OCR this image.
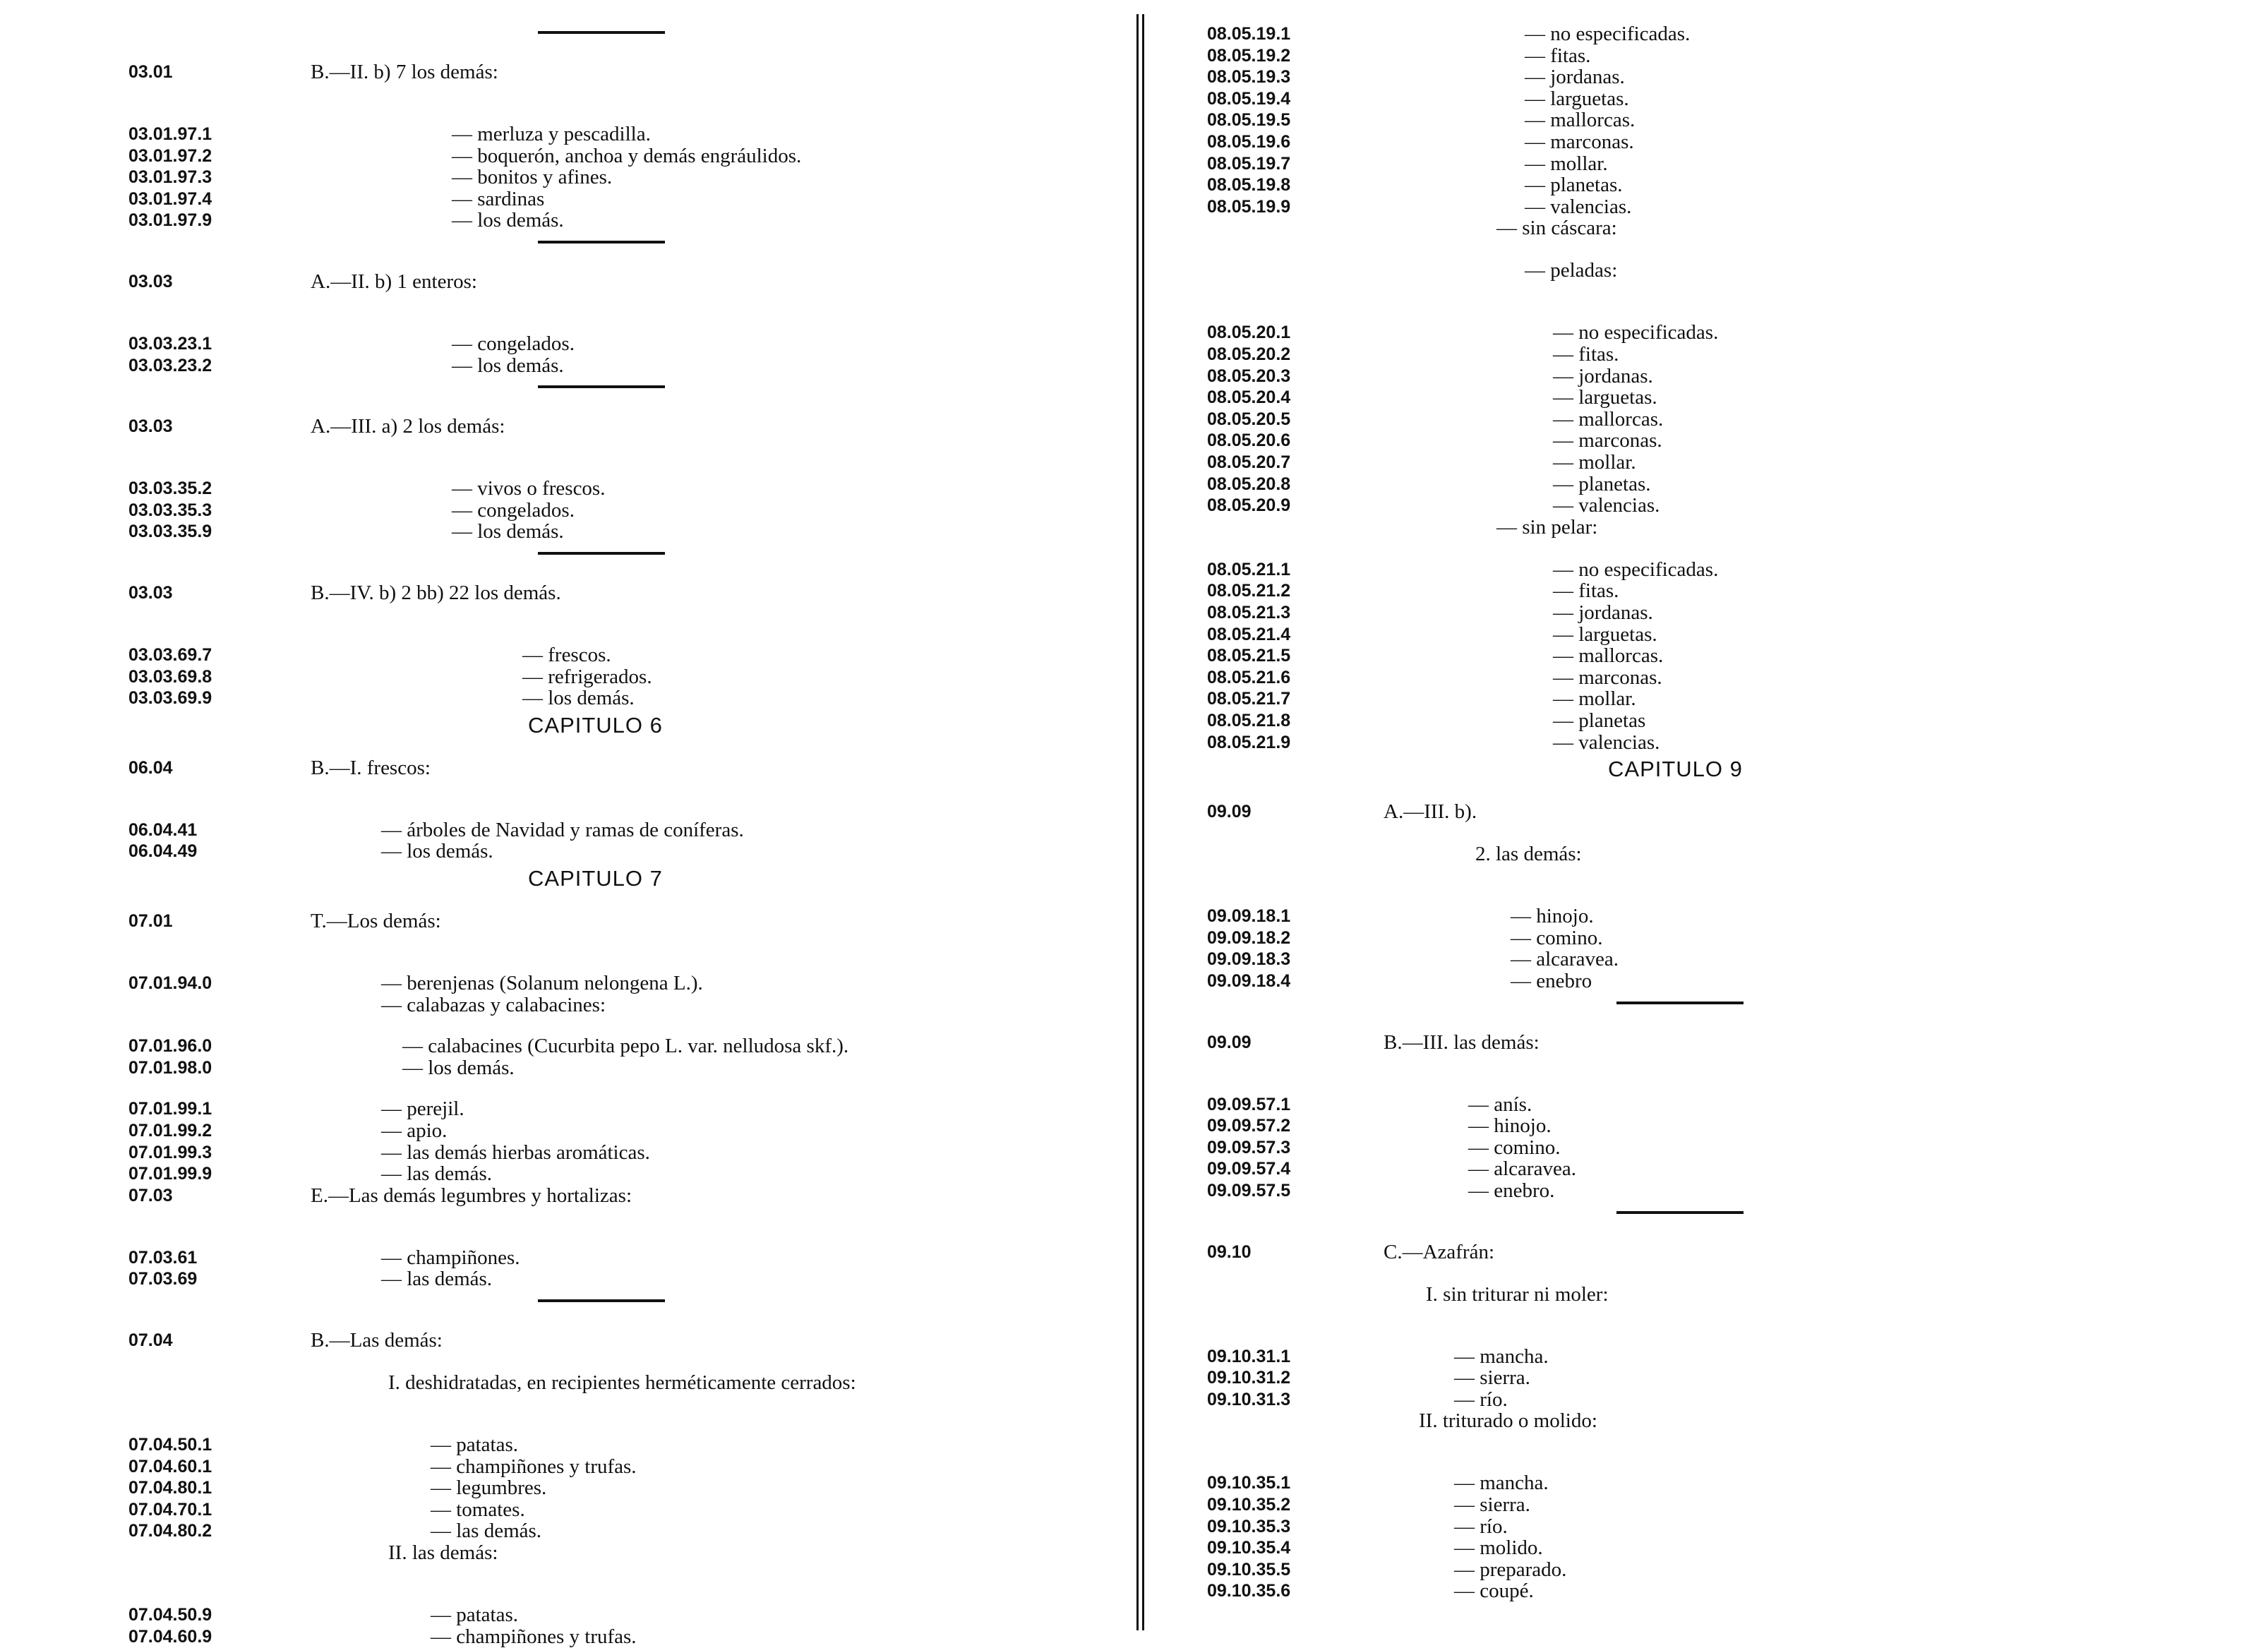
03.01	B.—II. b) 7 los demás:
03.01.97.1	— merluza y pescadilla.
03.01.97.2	— boquerón, anchoa y demás engráulidos.
03.01.97.3	— bonitos y afines.
03.01.97.4	— sardinas
03.01.97.9	— los demás.
03.03	A.—II. b) 1 enteros:
03.03.23.1	— congelados.
03.03.23.2	— los demás.
03.03	A.—III. a) 2 los demás:
03.03.35.2	— vivos o frescos.
03.03.35.3	— congelados.
03.03.35.9	— los demás.
03.03	B.—IV. b) 2 bb) 22 los demás.
03.03.69.7	— frescos.
03.03.69.8	— refrigerados.
03.03.69.9	— los demás.
CAPITULO 6
06.04	B.—I. frescos:
06.04.41	— árboles de Navidad y ramas de coníferas.
06.04.49	— los demás.
CAPITULO 7
07.01	T.—Los demás:
07.01.94.0	— berenjenas (Solanum nelongena L.).
— calabazas y calabacines:
07.01.96.0	— calabacines (Cucurbita pepo L. var. nelludosa skf.).
07.01.98.0	— los demás.
07.01.99.1	— perejil.
07.01.99.2	— apio.
07.01.99.3	— las demás hierbas aromáticas.
07.01.99.9	— las demás.
07.03	E.—Las demás legumbres y hortalizas:
07.03.61	— champiñones.
07.03.69	— las demás.
07.04	B.—Las demás:
I. deshidratadas, en recipientes herméticamente cerrados:
07.04.50.1	— patatas.
07.04.60.1	— champiñones y trufas.
07.04.80.1	— legumbres.
07.04.70.1	— tomates.
07.04.80.2	— las demás.
II. las demás:
07.04.50.9	— patatas.
07.04.60.9	— champiñones y trufas.
08.05.19.1	— no especificadas.
08.05.19.2	— fitas.
08.05.19.3	— jordanas.
08.05.19.4	— larguetas.
08.05.19.5	— mallorcas.
08.05.19.6	— marconas.
08.05.19.7	— mollar.
08.05.19.8	— planetas.
08.05.19.9	— valencias.
— sin cáscara:
— peladas:
08.05.20.1	— no especificadas.
08.05.20.2	— fitas.
08.05.20.3	— jordanas.
08.05.20.4	— larguetas.
08.05.20.5	— mallorcas.
08.05.20.6	— marconas.
08.05.20.7	— mollar.
08.05.20.8	— planetas.
08.05.20.9	— valencias.
— sin pelar:
08.05.21.1	— no especificadas.
08.05.21.2	— fitas.
08.05.21.3	— jordanas.
08.05.21.4	— larguetas.
08.05.21.5	— mallorcas.
08.05.21.6	— marconas.
08.05.21.7	— mollar.
08.05.21.8	— planetas
08.05.21.9	— valencias.
CAPITULO 9
09.09	A.—III. b).
2. las demás:
09.09.18.1	— hinojo.
09.09.18.2	— comino.
09.09.18.3	— alcaravea.
09.09.18.4	— enebro
09.09	B.—III. las demás:
09.09.57.1	— anís.
09.09.57.2	— hinojo.
09.09.57.3	— comino.
09.09.57.4	— alcaravea.
09.09.57.5	— enebro.
09.10	C.—Azafrán:
I. sin triturar ni moler:
09.10.31.1	— mancha.
09.10.31.2	— sierra.
09.10.31.3	— río.
II. triturado o molido:
09.10.35.1	— mancha.
09.10.35.2	— sierra.
09.10.35.3	— río.
09.10.35.4	— molido.
09.10.35.5	— preparado.
09.10.35.6	— coupé.
